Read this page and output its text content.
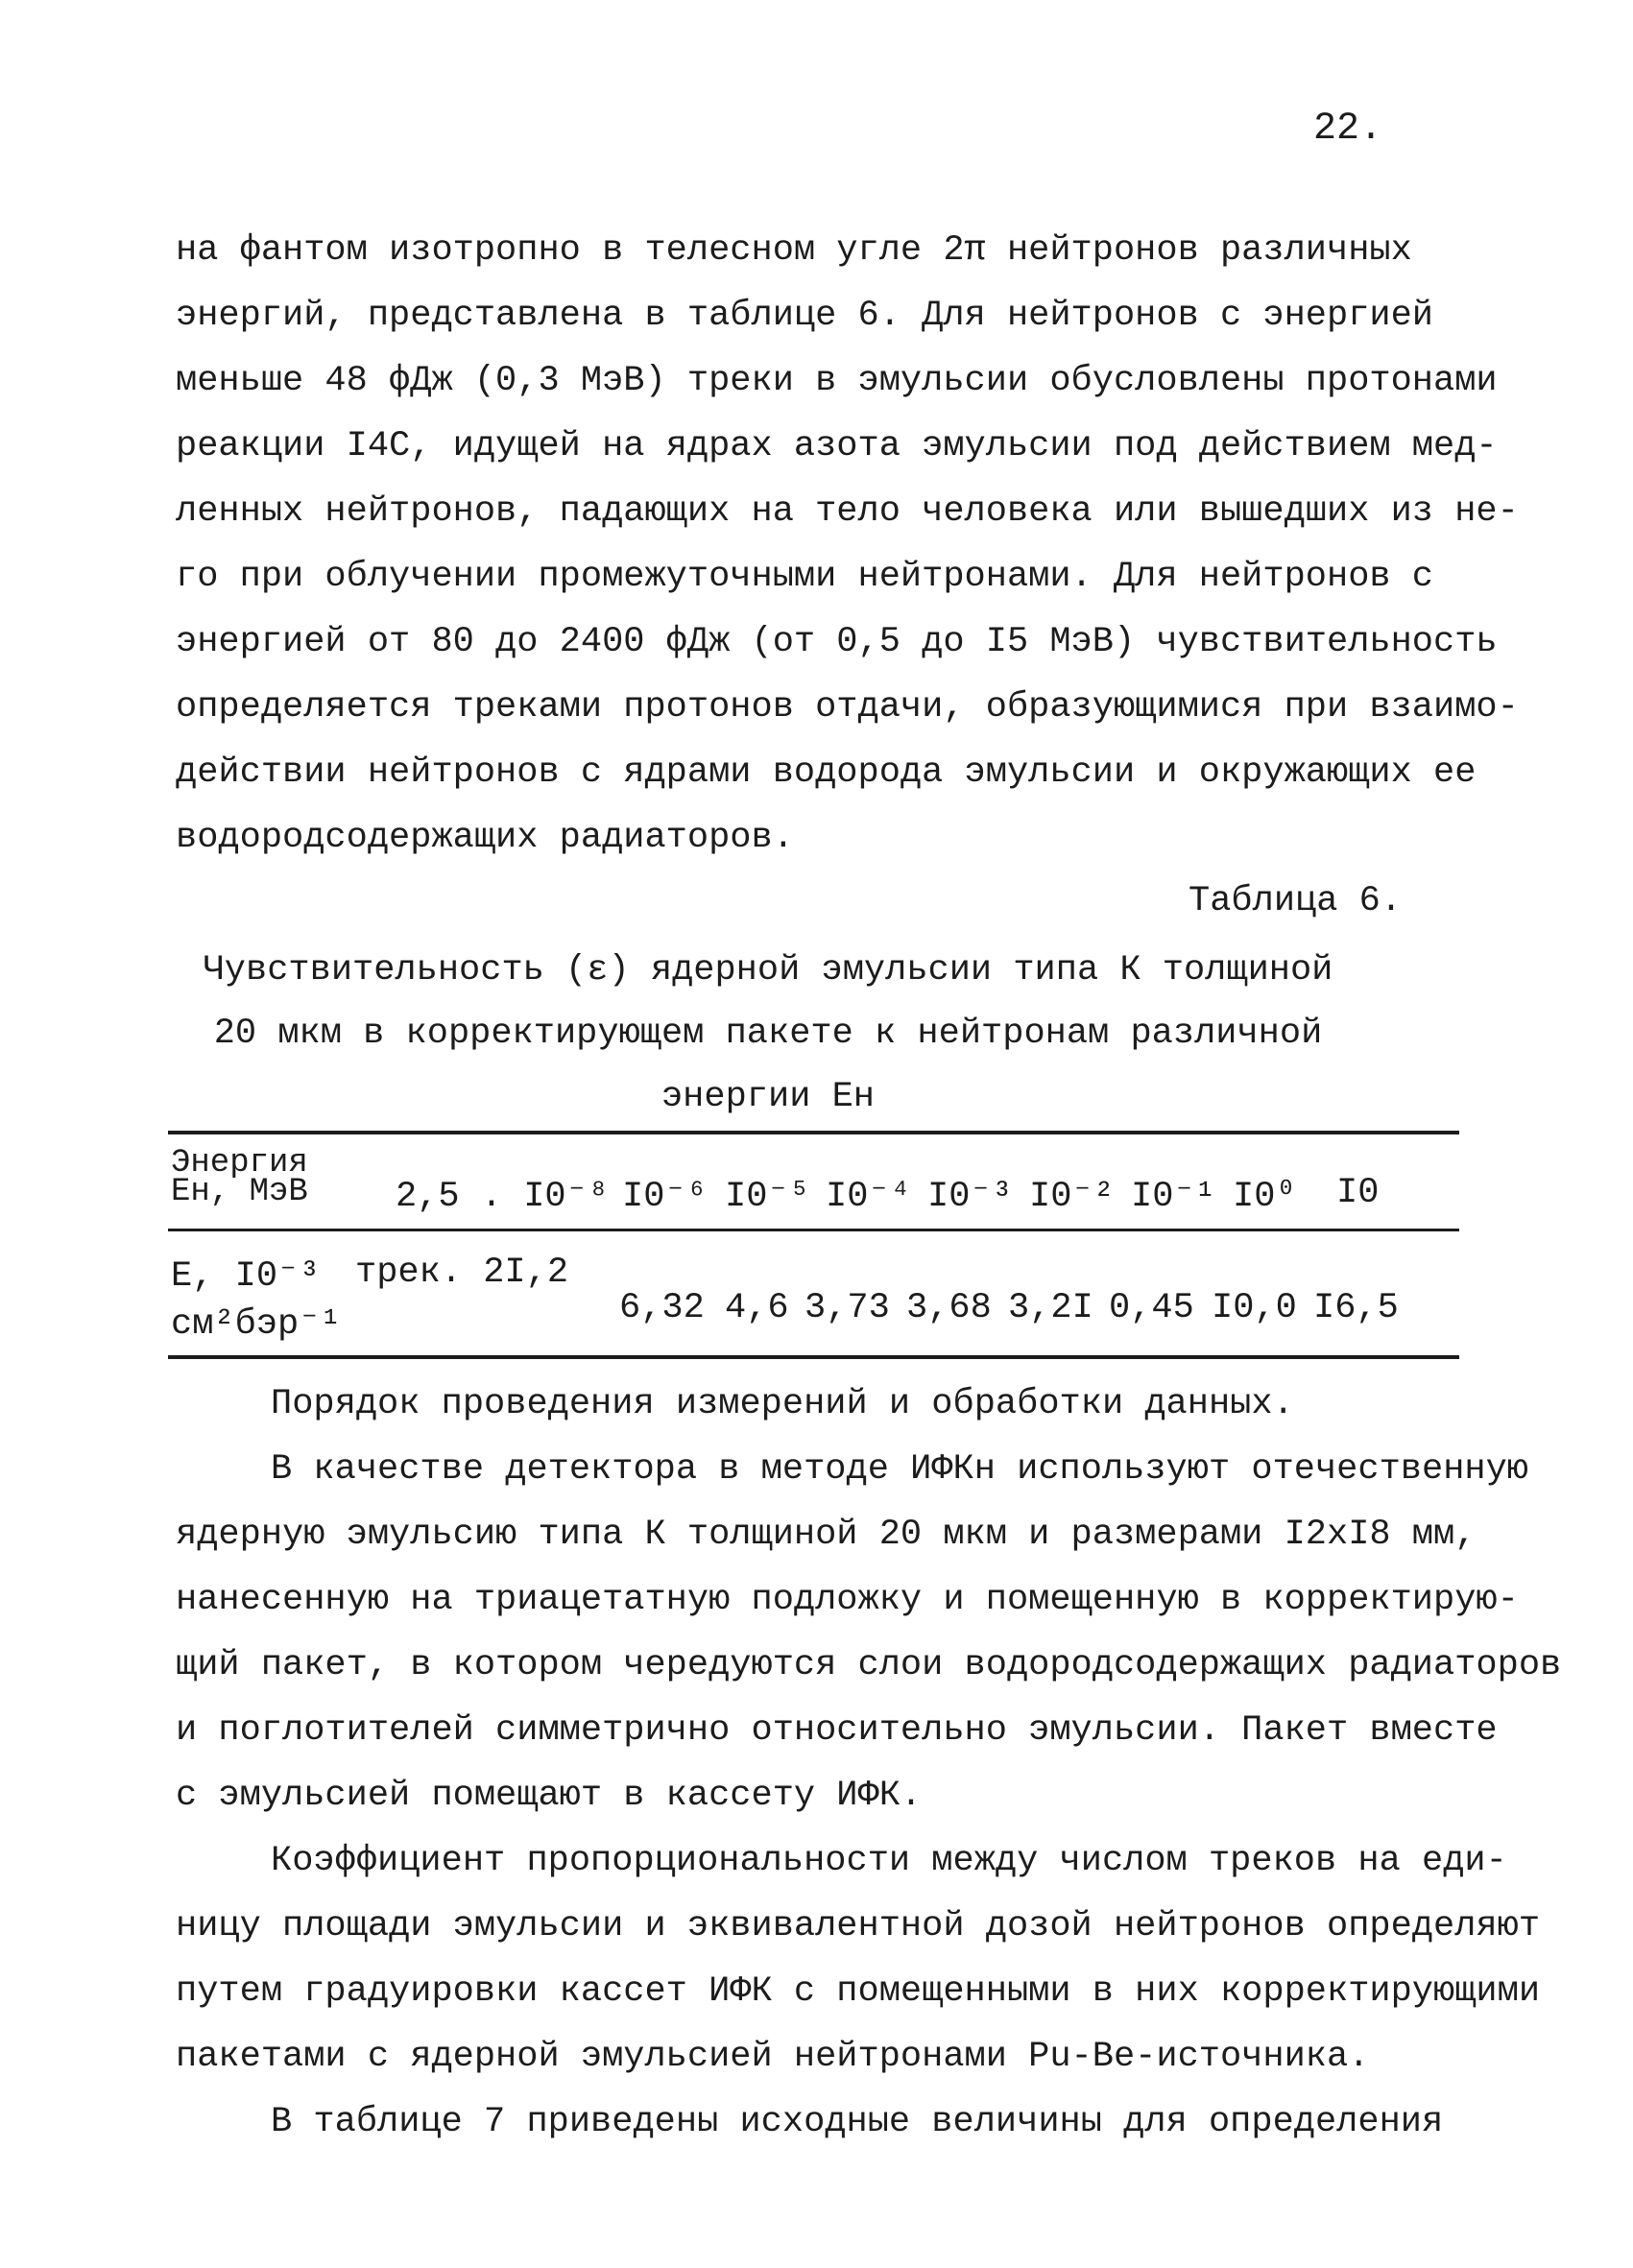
22.
на фантом изотропно в телесном угле 2π нейтронов различных
энергий, представлена в таблице 6. Для нейтронов с энергией
меньше 48 фДж (0,3 МэВ) треки в эмульсии обусловлены протонами
реакции I4C, идущей на ядрах азота эмульсии под действием мед-
ленных нейтронов, падающих на тело человека или вышедших из не-
го при облучении промежуточными нейтронами. Для нейтронов с
энергией от 80 до 2400 фДж (от 0,5 до I5 МэВ) чувствительность
определяется треками протонов отдачи, образующимися при взаимо-
действии нейтронов с ядрами водорода эмульсии и окружающих ее
водородсодержащих радиаторов.
Таблица 6.
Чувствительность (ε) ядерной эмульсии типа К толщиной
20 мкм в корректирующем пакете к нейтронам различной
энергии Eн
Энергия
Eн, МэВ 2,5 . I0⁻⁸ I0⁻⁶ I0⁻⁵ I0⁻⁴ I0⁻³ I0⁻² I0⁻¹ I0⁰ I0
E, I0⁻³
см²бэр⁻¹
трек. 2I,2
6,32 4,6 3,73 3,68 3,2I 0,45 I0,0 I6,5
Порядок проведения измерений и обработки данных.
В качестве детектора в методе ИФКн используют отечественную
ядерную эмульсию типа К толщиной 20 мкм и размерами I2хI8 мм,
нанесенную на триацетатную подложку и помещенную в корректирую-
щий пакет, в котором чередуются слои водородсодержащих радиаторов
и поглотителей симметрично относительно эмульсии. Пакет вместе
с эмульсией помещают в кассету ИФК.
Коэффициент пропорциональности между числом треков на еди-
ницу площади эмульсии и эквивалентной дозой нейтронов определяют
путем градуировки кассет ИФК с помещенными в них корректирующими
пакетами с ядерной эмульсией нейтронами Pu-Be-источника.
В таблице 7 приведены исходные величины для определения
